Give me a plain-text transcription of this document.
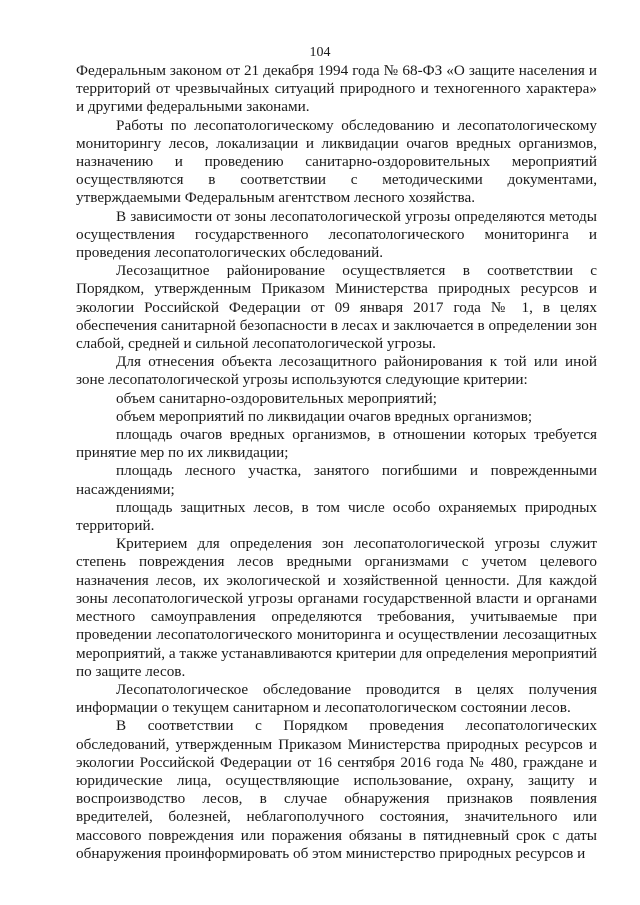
104

Федеральным законом от 21 декабря 1994 года № 68-ФЗ «О защите населения и территорий от чрезвычайных ситуаций природного и техногенного характера» и другими федеральными законами.

Работы по лесопатологическому обследованию и лесопатологическому мониторингу лесов, локализации и ликвидации очагов вредных организмов, назначению и проведению санитарно-оздоровительных мероприятий осуществляются в соответствии с методическими документами, утверждаемыми Федеральным агентством лесного хозяйства.

В зависимости от зоны лесопатологической угрозы определяются методы осуществления государственного лесопатологического мониторинга и проведения лесопатологических обследований.

Лесозащитное районирование осуществляется в соответствии с Порядком, утвержденным Приказом Министерства природных ресурсов и экологии Российской Федерации от 09 января 2017 года № 1, в целях обеспечения санитарной безопасности в лесах и заключается в определении зон слабой, средней и сильной лесопатологической угрозы.

Для отнесения объекта лесозащитного районирования к той или иной зоне лесопатологической угрозы используются следующие критерии:

объем санитарно-оздоровительных мероприятий;

объем мероприятий по ликвидации очагов вредных организмов;

площадь очагов вредных организмов, в отношении которых требуется принятие мер по их ликвидации;

площадь лесного участка, занятого погибшими и поврежденными насаждениями;

площадь защитных лесов, в том числе особо охраняемых природных территорий.

Критерием для определения зон лесопатологической угрозы служит степень повреждения лесов вредными организмами с учетом целевого назначения лесов, их экологической и хозяйственной ценности. Для каждой зоны лесопатологической угрозы органами государственной власти и органами местного самоуправления определяются требования, учитываемые при проведении лесопатологического мониторинга и осуществлении лесозащитных мероприятий, а также устанавливаются критерии для определения мероприятий по защите лесов.

Лесопатологическое обследование проводится в целях получения информации о текущем санитарном и лесопатологическом состоянии лесов.

В соответствии с Порядком проведения лесопатологических обследований, утвержденным Приказом Министерства природных ресурсов и экологии Российской Федерации от 16 сентября 2016 года № 480, граждане и юридические лица, осуществляющие использование, охрану, защиту и воспроизводство лесов, в случае обнаружения признаков появления вредителей, болезней, неблагополучного состояния, значительного или массового повреждения или поражения обязаны в пятидневный срок с даты обнаружения проинформировать об этом министерство природных ресурсов и
